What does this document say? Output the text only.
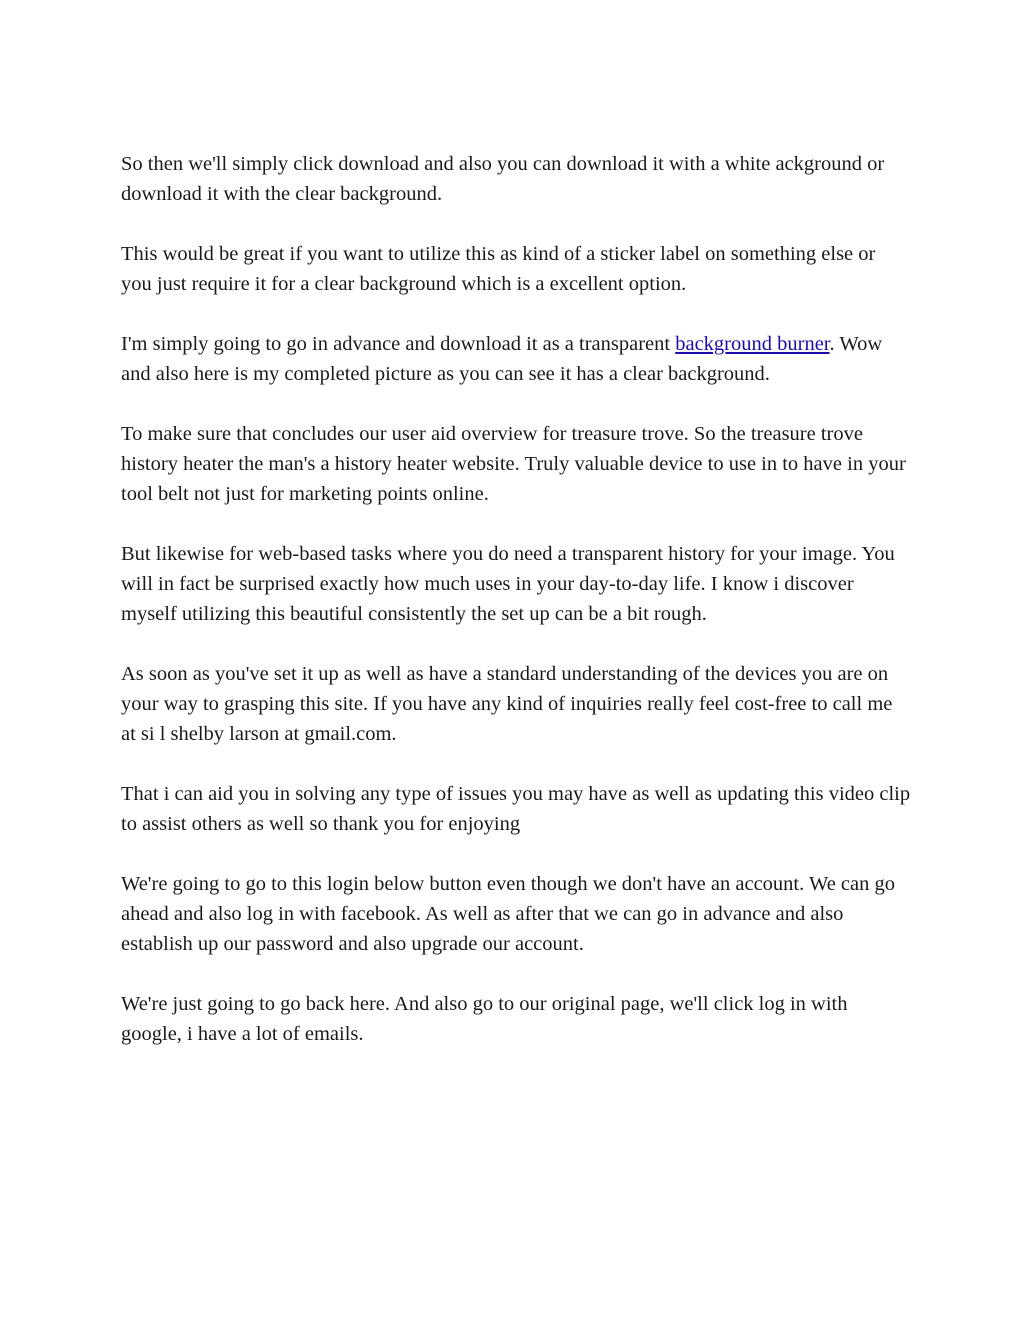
So then we'll simply click download and also you can download it with a white ackground or download it with the clear background.

This would be great if you want to utilize this as kind of a sticker label on something else or you just require it for a clear background which is a excellent option.

I'm simply going to go in advance and download it as a transparent background burner. Wow and also here is my completed picture as you can see it has a clear background.

To make sure that concludes our user aid overview for treasure trove. So the treasure trove history heater the man's a history heater website. Truly valuable device to use in to have in your tool belt not just for marketing points online.

But likewise for web-based tasks where you do need a transparent history for your image. You will in fact be surprised exactly how much uses in your day-to-day life. I know i discover myself utilizing this beautiful consistently the set up can be a bit rough.

As soon as you've set it up as well as have a standard understanding of the devices you are on your way to grasping this site. If you have any kind of inquiries really feel cost-free to call me at si l shelby larson at gmail.com.

That i can aid you in solving any type of issues you may have as well as updating this video clip to assist others as well so thank you for enjoying

We're going to go to this login below button even though we don't have an account. We can go ahead and also log in with facebook. As well as after that we can go in advance and also establish up our password and also upgrade our account.

We're just going to go back here. And also go to our original page, we'll click log in with google, i have a lot of emails.
